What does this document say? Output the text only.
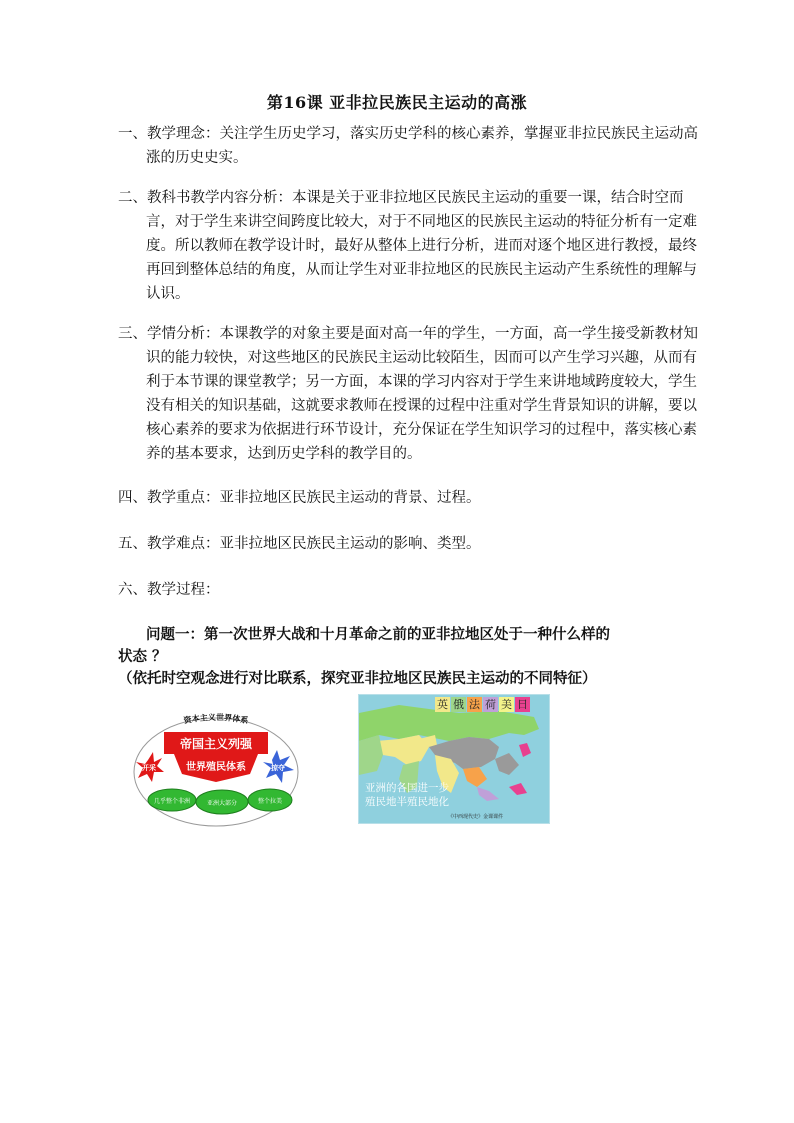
第16课 亚非拉民族民主运动的高涨
一、教学理念：关注学生历史学习，落实历史学科的核心素养，掌握亚非拉民族民主运动高涨的历史史实。
二、教科书教学内容分析：本课是关于亚非拉地区民族民主运动的重要一课，结合时空而言，对于学生来讲空间跨度比较大，对于不同地区的民族民主运动的特征分析有一定难度。所以教师在教学设计时，最好从整体上进行分析，进而对逐个地区进行教授，最终再回到整体总结的角度，从而让学生对亚非拉地区的民族民主运动产生系统性的理解与认识。
三、学情分析：本课教学的对象主要是面对高一年的学生，一方面，高一学生接受新教材知识的能力较快，对这些地区的民族民主运动比较陌生，因而可以产生学习兴趣，从而有利于本节课的课堂教学；另一方面，本课的学习内容对于学生来讲地域跨度较大，学生没有相关的知识基础，这就要求教师在授课的过程中注重对学生背景知识的讲解，要以核心素养的要求为依据进行环节设计，充分保证在学生知识学习的过程中，落实核心素养的基本要求，达到历史学科的教学目的。
四、教学重点：亚非拉地区民族民主运动的背景、过程。
五、教学难点：亚非拉地区民族民主运动的影响、类型。
六、教学过程：
问题一：第一次世界大战和十月革命之前的亚非拉地区处于一种什么样的
状态 ？
（依托时空观念进行对比联系，探究亚非拉地区民族民主运动的不同特征）
资本主义世界体系
帝国主义列强
世界殖民体系
开采	掠夺
几乎整个非洲	亚洲大部分	整个拉美
英 俄 法 荷 美 日
亚洲的各国进一步
殖民地半殖民地化
《中西现代史》金课课件
